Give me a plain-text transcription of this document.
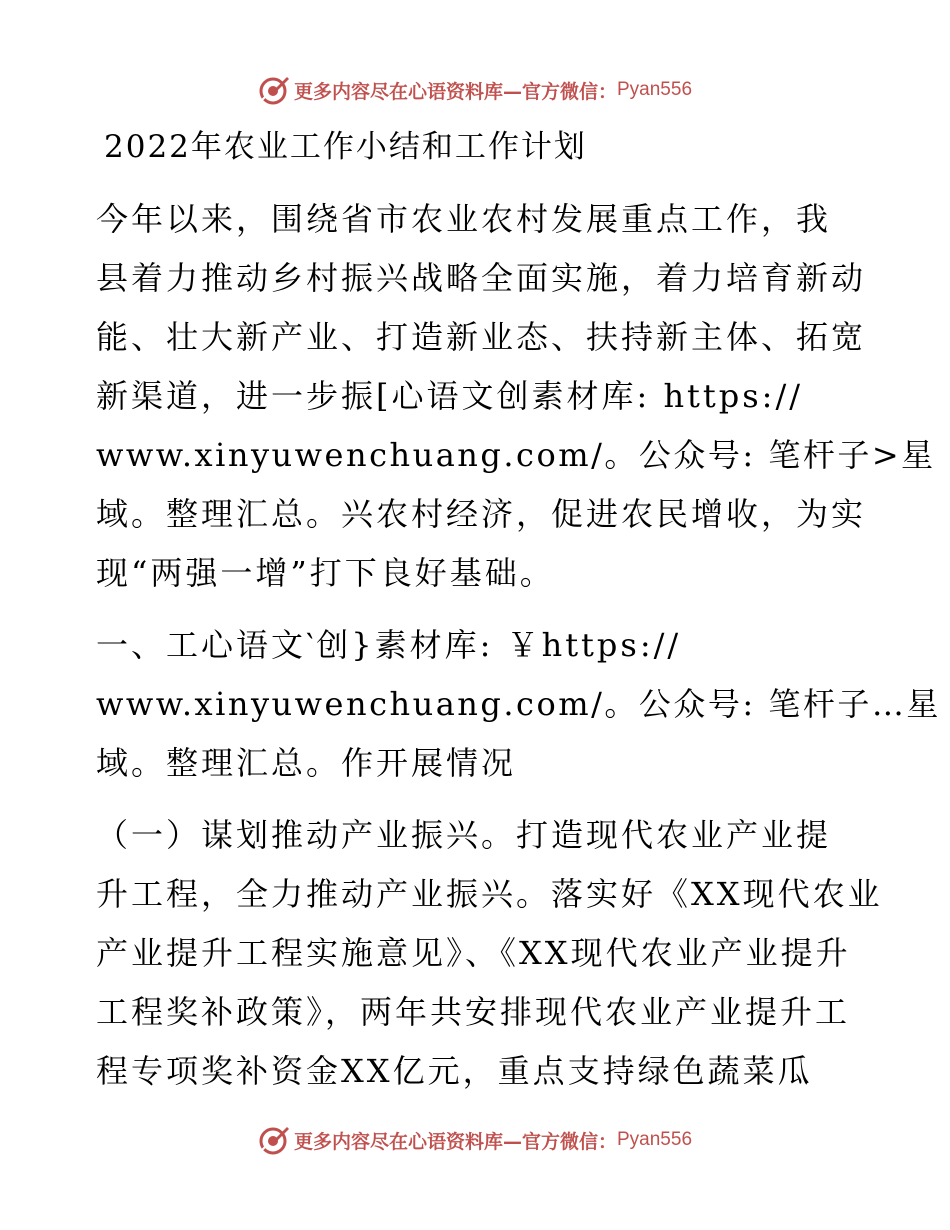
更多内容尽在心语资料库—官方微信： Pyan556
2022年农业工作小结和工作计划
今年以来，围绕省市农业农村发展重点工作，我
县着力推动乡村振兴战略全面实施，着力培育新动
能、壮大新产业、打造新业态、扶持新主体、拓宽
新渠道，进一步振[心语文创素材库: https://
www.xinyuwenchuang.com/。公众号: 笔杆子>星
域。整理汇总。兴农村经济，促进农民增收，为实
现“两强一增”打下良好基础。
一、工心语文‵创}素材库: ￥https://
www.xinyuwenchuang.com/。公众号: 笔杆子…星
域。整理汇总。作开展情况
（一）谋划推动产业振兴。打造现代农业产业提
升工程，全力推动产业振兴。落实好《XX现代农业
产业提升工程实施意见》、《XX现代农业产业提升
工程奖补政策》，两年共安排现代农业产业提升工
程专项奖补资金XX亿元，重点支持绿色蔬菜瓜
更多内容尽在心语资料库—官方微信： Pyan556
